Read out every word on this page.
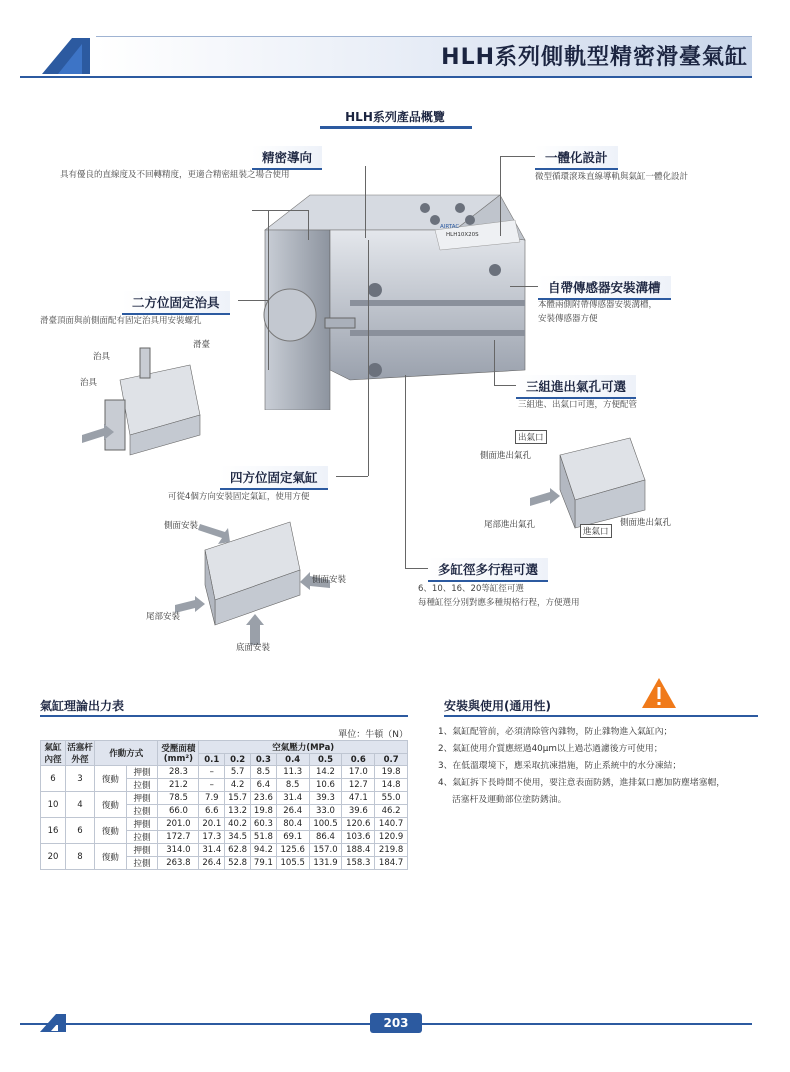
HLH系列側軌型精密滑臺氣缸
HLH系列產品概覽
AIRTAC
HLH10X20S
精密導向
具有優良的直線度及不回轉精度，更適合精密組裝之場合使用
一體化設計
微型循環滾珠直線導軌與氣缸一體化設計
二方位固定治具
滑臺頂面與前側面配有固定治具用安裝螺孔
自帶傳感器安裝溝槽
本體兩側附帶傳感器安裝溝槽，
安裝傳感器方便
三組進出氣孔可選
三組進、出氣口可選，方便配管
四方位固定氣缸
可從4個方向安裝固定氣缸，使用方便
多缸徑多行程可選
6、10、16、20等缸徑可選
每種缸徑分別對應多種規格行程，方便選用
治具
滑臺
治具
出氣口
側面進出氣孔
尾部進出氣孔
進氣口
側面進出氣孔
側面安裝
側面安裝
尾部安裝
底面安裝
氣缸理論出力表
單位：牛頓（N）
氣缸內徑	活塞杆外徑	作動方式		受壓面積(mm²)	空氣壓力(MPa)						
					0.1	0.2	0.3	0.4	0.5	0.6	0.7
6	3	復動	押側	28.3	–	5.7	8.5	11.3	14.2	17.0	19.8
			拉側	21.2	–	4.2	6.4	8.5	10.6	12.7	14.8
10	4	復動	押側	78.5	7.9	15.7	23.6	31.4	39.3	47.1	55.0
			拉側	66.0	6.6	13.2	19.8	26.4	33.0	39.6	46.2
16	6	復動	押側	201.0	20.1	40.2	60.3	80.4	100.5	120.6	140.7
			拉側	172.7	17.3	34.5	51.8	69.1	86.4	103.6	120.9
20	8	復動	押側	314.0	31.4	62.8	94.2	125.6	157.0	188.4	219.8
			拉側	263.8	26.4	52.8	79.1	105.5	131.9	158.3	184.7
安裝與使用(通用性)
1、氣缸配管前，必須清除管內雜物，防止雜物進入氣缸內；
2、氣缸使用介質應經過40μm以上過芯過濾後方可使用；
3、在低溫環境下，應采取抗凍措施，防止系統中的水分凍結；
4、氣缸拆下長時間不使用，要注意表面防銹，進排氣口應加防塵堵塞帽，
活塞杆及運動部位塗防銹油。
203
